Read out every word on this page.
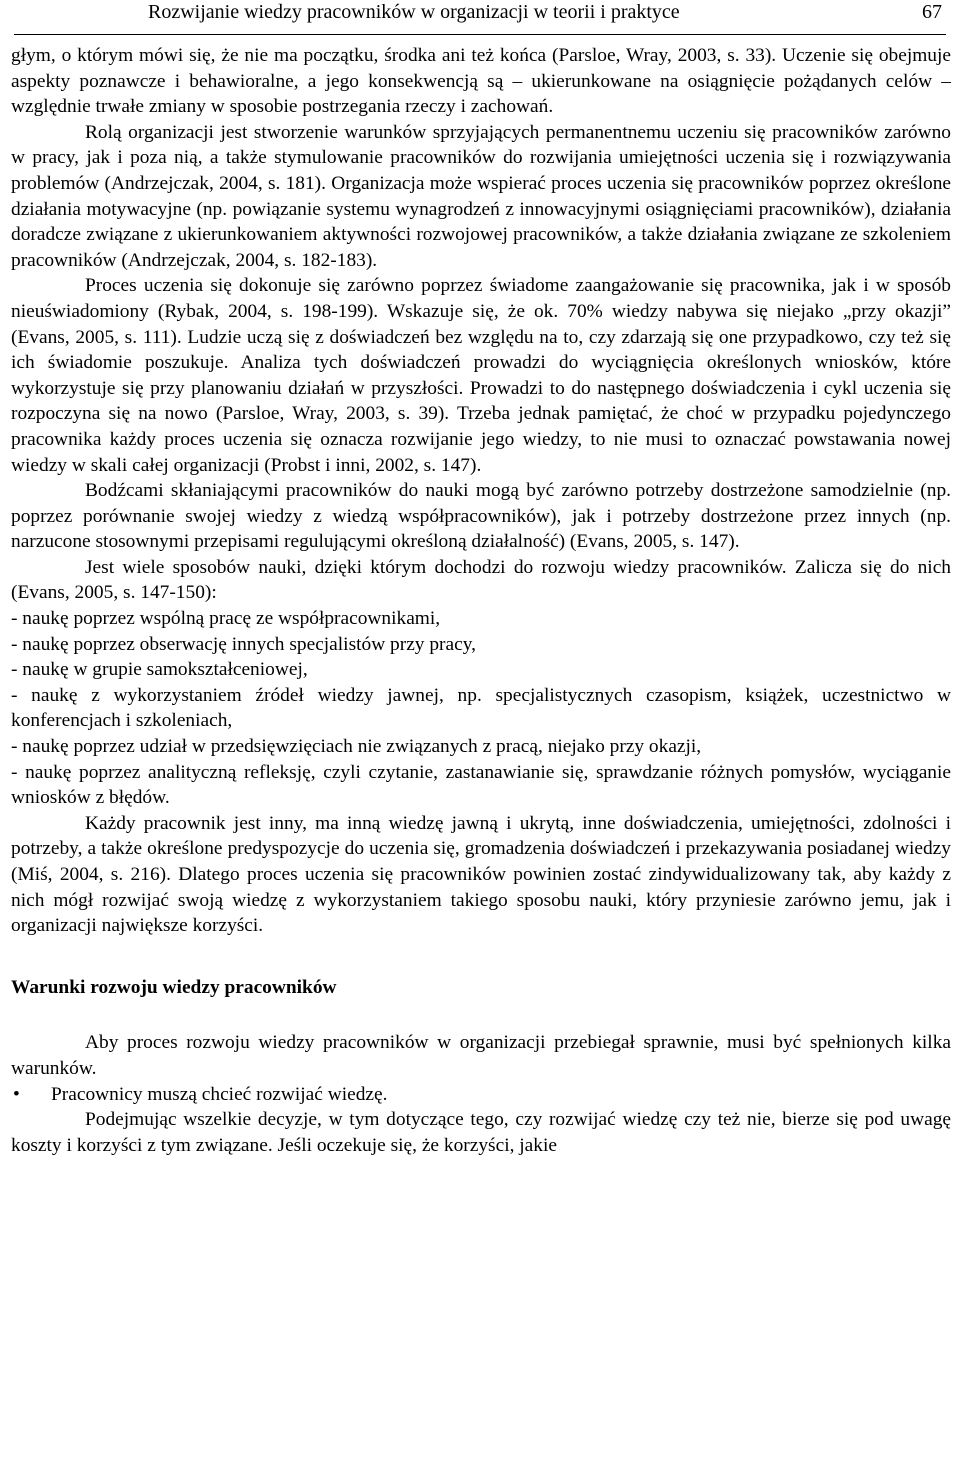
Rozwijanie wiedzy pracowników w organizacji w teorii i praktyce	67

głym, o którym mówi się, że nie ma początku, środka ani też końca (Parsloe, Wray, 2003, s. 33). Uczenie się obejmuje aspekty poznawcze i behawioralne, a jego konsekwencją są – ukierunkowane na osiągnięcie pożądanych celów – względnie trwałe zmiany w sposobie postrzegania rzeczy i zachowań.

Rolą organizacji jest stworzenie warunków sprzyjających permanentnemu uczeniu się pracowników zarówno w pracy, jak i poza nią, a także stymulowanie pracowników do rozwijania umiejętności uczenia się i rozwiązywania problemów (Andrzejczak, 2004, s. 181). Organizacja może wspierać proces uczenia się pracowników poprzez określone działania motywacyjne (np. powiązanie systemu wynagrodzeń z innowacyjnymi osiągnięciami pracowników), działania doradcze związane z ukierunkowaniem aktywności rozwojowej pracowników, a także działania związane ze szkoleniem pracowników (Andrzejczak, 2004, s. 182-183).

Proces uczenia się dokonuje się zarówno poprzez świadome zaangażowanie się pracownika, jak i w sposób nieuświadomiony (Rybak, 2004, s. 198-199). Wskazuje się, że ok. 70% wiedzy nabywa się niejako „przy okazji” (Evans, 2005, s. 111). Ludzie uczą się z doświadczeń bez względu na to, czy zdarzają się one przypadkowo, czy też się ich świadomie poszukuje. Analiza tych doświadczeń prowadzi do wyciągnięcia określonych wniosków, które wykorzystuje się przy planowaniu działań w przyszłości. Prowadzi to do następnego doświadczenia i cykl uczenia się rozpoczyna się na nowo (Parsloe, Wray, 2003, s. 39). Trzeba jednak pamiętać, że choć w przypadku pojedynczego pracownika każdy proces uczenia się oznacza rozwijanie jego wiedzy, to nie musi to oznaczać powstawania nowej wiedzy w skali całej organizacji (Probst i inni, 2002, s. 147).

Bodźcami skłaniającymi pracowników do nauki mogą być zarówno potrzeby dostrzeżone samodzielnie (np. poprzez porównanie swojej wiedzy z wiedzą współpracowników), jak i potrzeby dostrzeżone przez innych (np. narzucone stosownymi przepisami regulującymi określoną działalność) (Evans, 2005, s. 147).

Jest wiele sposobów nauki, dzięki którym dochodzi do rozwoju wiedzy pracowników. Zalicza się do nich (Evans, 2005, s. 147-150):

- naukę poprzez wspólną pracę ze współpracownikami,

- naukę poprzez obserwację innych specjalistów przy pracy,

- naukę w grupie samokształceniowej,

- naukę z wykorzystaniem źródeł wiedzy jawnej, np. specjalistycznych czasopism, książek, uczestnictwo w konferencjach i szkoleniach,

- naukę poprzez udział w przedsięwzięciach nie związanych z pracą, niejako przy okazji,

- naukę poprzez analityczną refleksję, czyli czytanie, zastanawianie się, sprawdzanie różnych pomysłów, wyciąganie wniosków z błędów.

Każdy pracownik jest inny, ma inną wiedzę jawną i ukrytą, inne doświadczenia, umiejętności, zdolności i potrzeby, a także określone predyspozycje do uczenia się, gromadzenia doświadczeń i przekazywania posiadanej wiedzy (Miś, 2004, s. 216). Dlatego proces uczenia się pracowników powinien zostać zindywidualizowany tak, aby każdy z nich mógł rozwijać swoją wiedzę z wykorzystaniem takiego sposobu nauki, który przyniesie zarówno jemu, jak i organizacji największe korzyści.

Warunki rozwoju wiedzy pracowników

Aby proces rozwoju wiedzy pracowników w organizacji przebiegał sprawnie, musi być spełnionych kilka warunków.

•	Pracownicy muszą chcieć rozwijać wiedzę.

Podejmując wszelkie decyzje, w tym dotyczące tego, czy rozwijać wiedzę czy też nie, bierze się pod uwagę koszty i korzyści z tym związane. Jeśli oczekuje się, że korzyści, jakie
